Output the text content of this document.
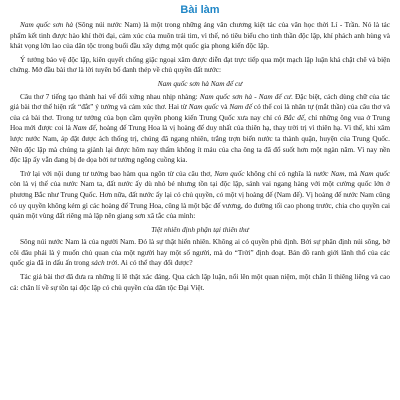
Bài làm

Nam quốc sơn hà (Sông núi nước Nam) là một trong những áng văn chương kiệt tác của văn học thời Lí - Trần. Nó là tác phẩm kết tinh được hào khí thời đại, cảm xúc của muôn trái tim, vì thế, nó tiêu biểu cho tinh thần độc lập, khí phách anh hùng và khát vọng lớn lao của dân tộc trong buổi đầu xây dựng một quốc gia phong kiến độc lập.

Ý tưởng bảo vệ độc lập, kiên quyết chống giặc ngoại xâm được diễn đạt trực tiếp qua một mạch lập luận khá chặt chẽ và biện chứng. Mở đầu bài thơ là lời tuyên bố đanh thép về chủ quyền đất nước:

Nam quốc sơn hà Nam đế cư

Câu thơ 7 tiếng tạo thành hai vế đối xứng nhau nhịp nhàng: Nam quốc sơn hà - Nam đế cư. Đặc biệt, cách dùng chữ của tác giả bài thơ thể hiện rất “đắt” ý tưởng và cảm xúc thơ. Hai từ Nam quốc và Nam đế có thể coi là nhãn tự (mắt thần) của câu thơ và của cả bài thơ. Trong tư tưởng của bọn cầm quyền phong kiến Trung Quốc xưa nay chỉ có Bắc đế, chỉ những ông vua ở Trung Hoa mới được coi là Nam đế, hoàng đế Trung Hoa là vị hoàng đế duy nhất của thiên hạ, thay trời trị vì thiên hạ. Vì thế, khi xâm lược nước Nam, áp đặt được ách thống trị, chúng đã ngang nhiên, trắng trợn biến nước ta thành quận, huyện của Trung Quốc. Nền độc lập mà chúng ta giành lại được hôm nay thấm không ít máu của cha ông ta đã đổ suốt hơn một ngàn năm. Vì nay nền độc lập ấy vẫn đang bị đe dọa bởi tư tưởng ngông cuồng kia.

Trở lại với nội dung tư tưởng bao hàm qua ngôn từ của câu thơ, Nam quốc không chỉ có nghĩa là nước Nam, mà Nam quốc còn là vị thế của nước Nam ta, đất nước ấy dù nhỏ bé nhưng tồn tại độc lập, sánh vai ngang hàng với một cường quốc lớn ở phương Bắc như Trung Quốc. Hơn nữa, đất nước ấy lại có chủ quyền, có một vị hoàng đế (Nam đế). Vị hoàng đế nước Nam cũng có uy quyền không kém gì các hoàng đế Trung Hoa, cũng là một bậc đế vương, do đường tối cao phong trước, chia cho quyền cai quản một vùng đất riêng mà lập nên giang sơn xã tắc của mình:

Tiệt nhiên định phận tại thiên thư

Sông núi nước Nam là của người Nam. Đó là sự thật hiển nhiên. Không ai có quyền phủ định. Bởi sự phân định núi sông, bờ cõi đâu phải là ý muốn chủ quan của một người hay một số người, mà do “Trời” định đoạt. Bản đồ ranh giới lãnh thổ của các quốc gia đã in dấu ấn trong sách trời. Ai có thể thay đổi được?

Tác giả bài thơ đã đưa ra những lí lẽ thật xác đáng. Qua cách lập luận, nổi lên một quan niệm, một chân lí thiêng liêng và cao cả: chân lí về sự tồn tại độc lập có chủ quyền của dân tộc Đại Việt.
